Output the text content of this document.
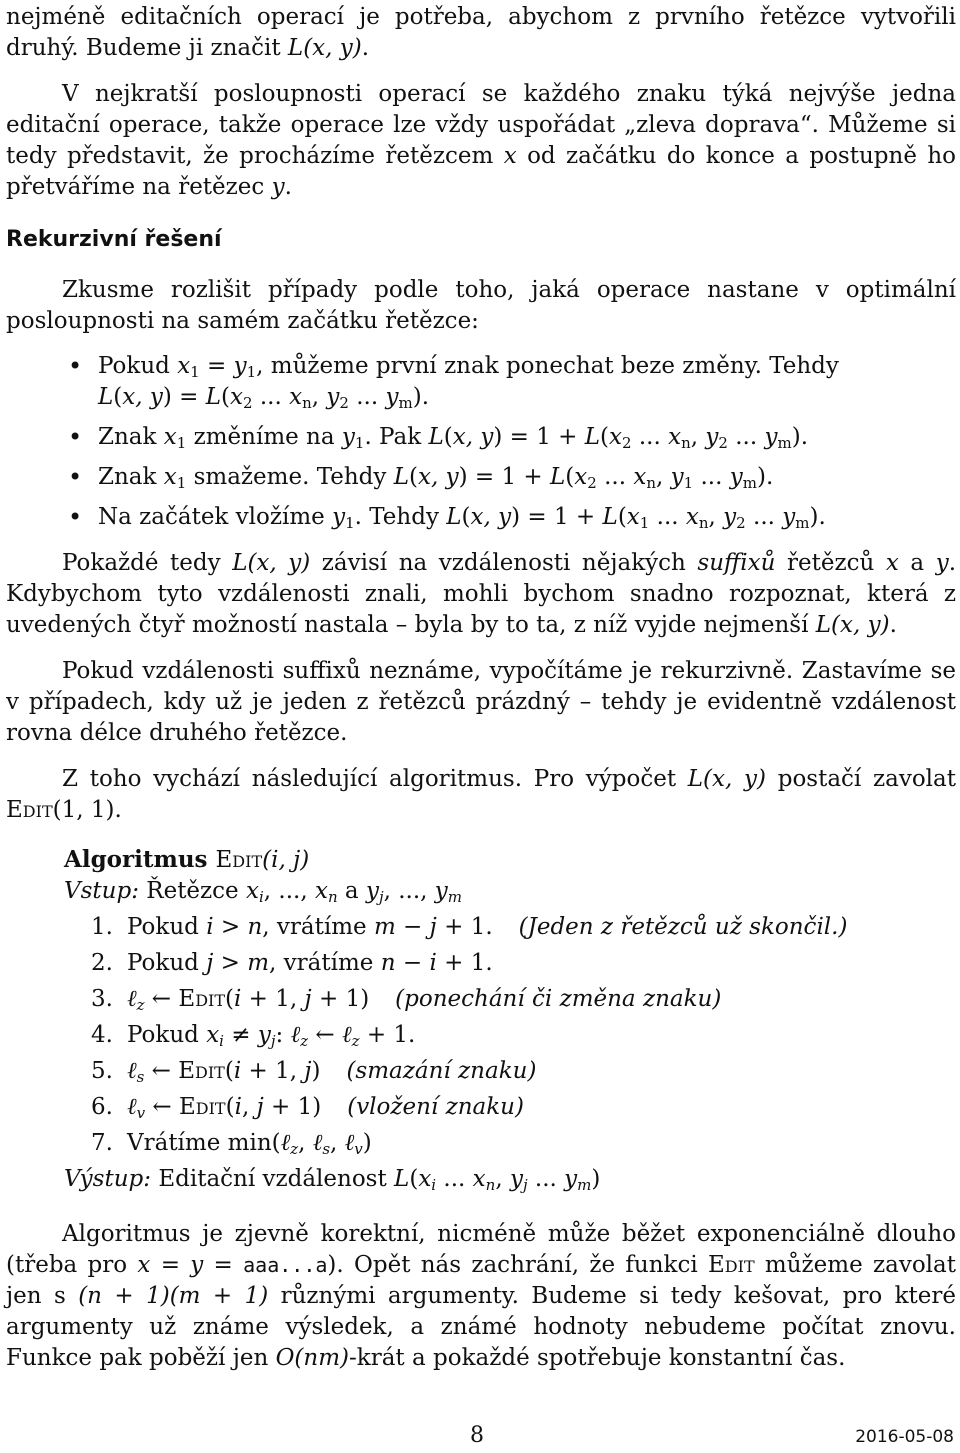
nejméně editačních operací je potřeba, abychom z prvního řetězce vytvořili druhý. Budeme ji značit L(x, y).

V nejkratší posloupnosti operací se každého znaku týká nejvýše jedna editační operace, takže operace lze vždy uspořádat „zleva doprava“. Můžeme si tedy představit, že procházíme řetězcem x od začátku do konce a postupně ho přetváříme na řetězec y.

Rekurzivní řešení

Zkusme rozlišit případy podle toho, jaká operace nastane v optimální posloupnosti na samém začátku řetězce:

• Pokud $x_1 = y_1$, můžeme první znak ponechat beze změny. Tehdy
L(x, $y) = L(x_2$ ... $x_n$, $y_2$ ... $y_m$).
• Znak $x_1$ změníme na $y_1$. Pak L(x, $y) = 1 + L(x_2$ ... $x_n$, $y_2$ ... $y_m$).
• Znak $x_1$ smažeme. Tehdy L(x, $y) = 1 + L(x_2$ ... $x_n$, $y_1$ ... $y_m$).
• Na začátek vložíme $y_1$. Tehdy L(x, $y) = 1 + L(x_1$ ... $x_n$, $y_2$ ... $y_m$).

Pokaždé tedy L(x, y) závisí na vzdálenosti nějakých suffixů řetězců x a y. Kdybychom tyto vzdálenosti znali, mohli bychom snadno rozpoznat, která z uvedených čtyř možností nastala – byla by to ta, z níž vyjde nejmenší L(x, y).

Pokud vzdálenosti suffixů neznáme, vypočítáme je rekurzivně. Zastavíme se v případech, kdy už je jeden z řetězců prázdný – tehdy je evidentně vzdálenost rovna délce druhého řetězce.

Z toho vychází následující algoritmus. Pro výpočet L(x, y) postačí zavolat Edit(1, 1).

Algoritmus Edit(i, j)
Vstup: Řetězce $x_i$, ..., $x_n$ a $y_j$, ..., $y_m$
1. Pokud i > n, vrátíme m − j + 1. (Jeden z řetězců už skončil.)
2. Pokud j > m, vrátíme n − i + 1.
3. ℓ$_z$ ← Edit(i + 1, j + 1) (ponechání či změna znaku)
4. Pokud $x_i \ne y_j$: ℓ$_z$ ← ℓ$_z$ + 1.
5. ℓ$_s$ ← Edit(i + 1, j) (smazání znaku)
6. ℓ$_v$ ← Edit(i, j + 1) (vložení znaku)
7. Vrátíme min(ℓ$_z$, ℓ$_s$, ℓ$_v$)
Výstup: Editační vzdálenost $L(x_i$ ... $x_n$, $y_j$ ... $y_m$)

Algoritmus je zjevně korektní, nicméně může běžet exponenciálně dlouho (třeba pro x = y = aaa...a). Opět nás zachrání, že funkci Edit můžeme zavolat jen s (n + 1)(m + 1) různými argumenty. Budeme si tedy kešovat, pro které argumenty už známe výsledek, a známé hodnoty nebudeme počítat znovu. Funkce pak poběží jen O(nm)-krát a pokaždé spotřebuje konstantní čas.

8	2016-05-08
